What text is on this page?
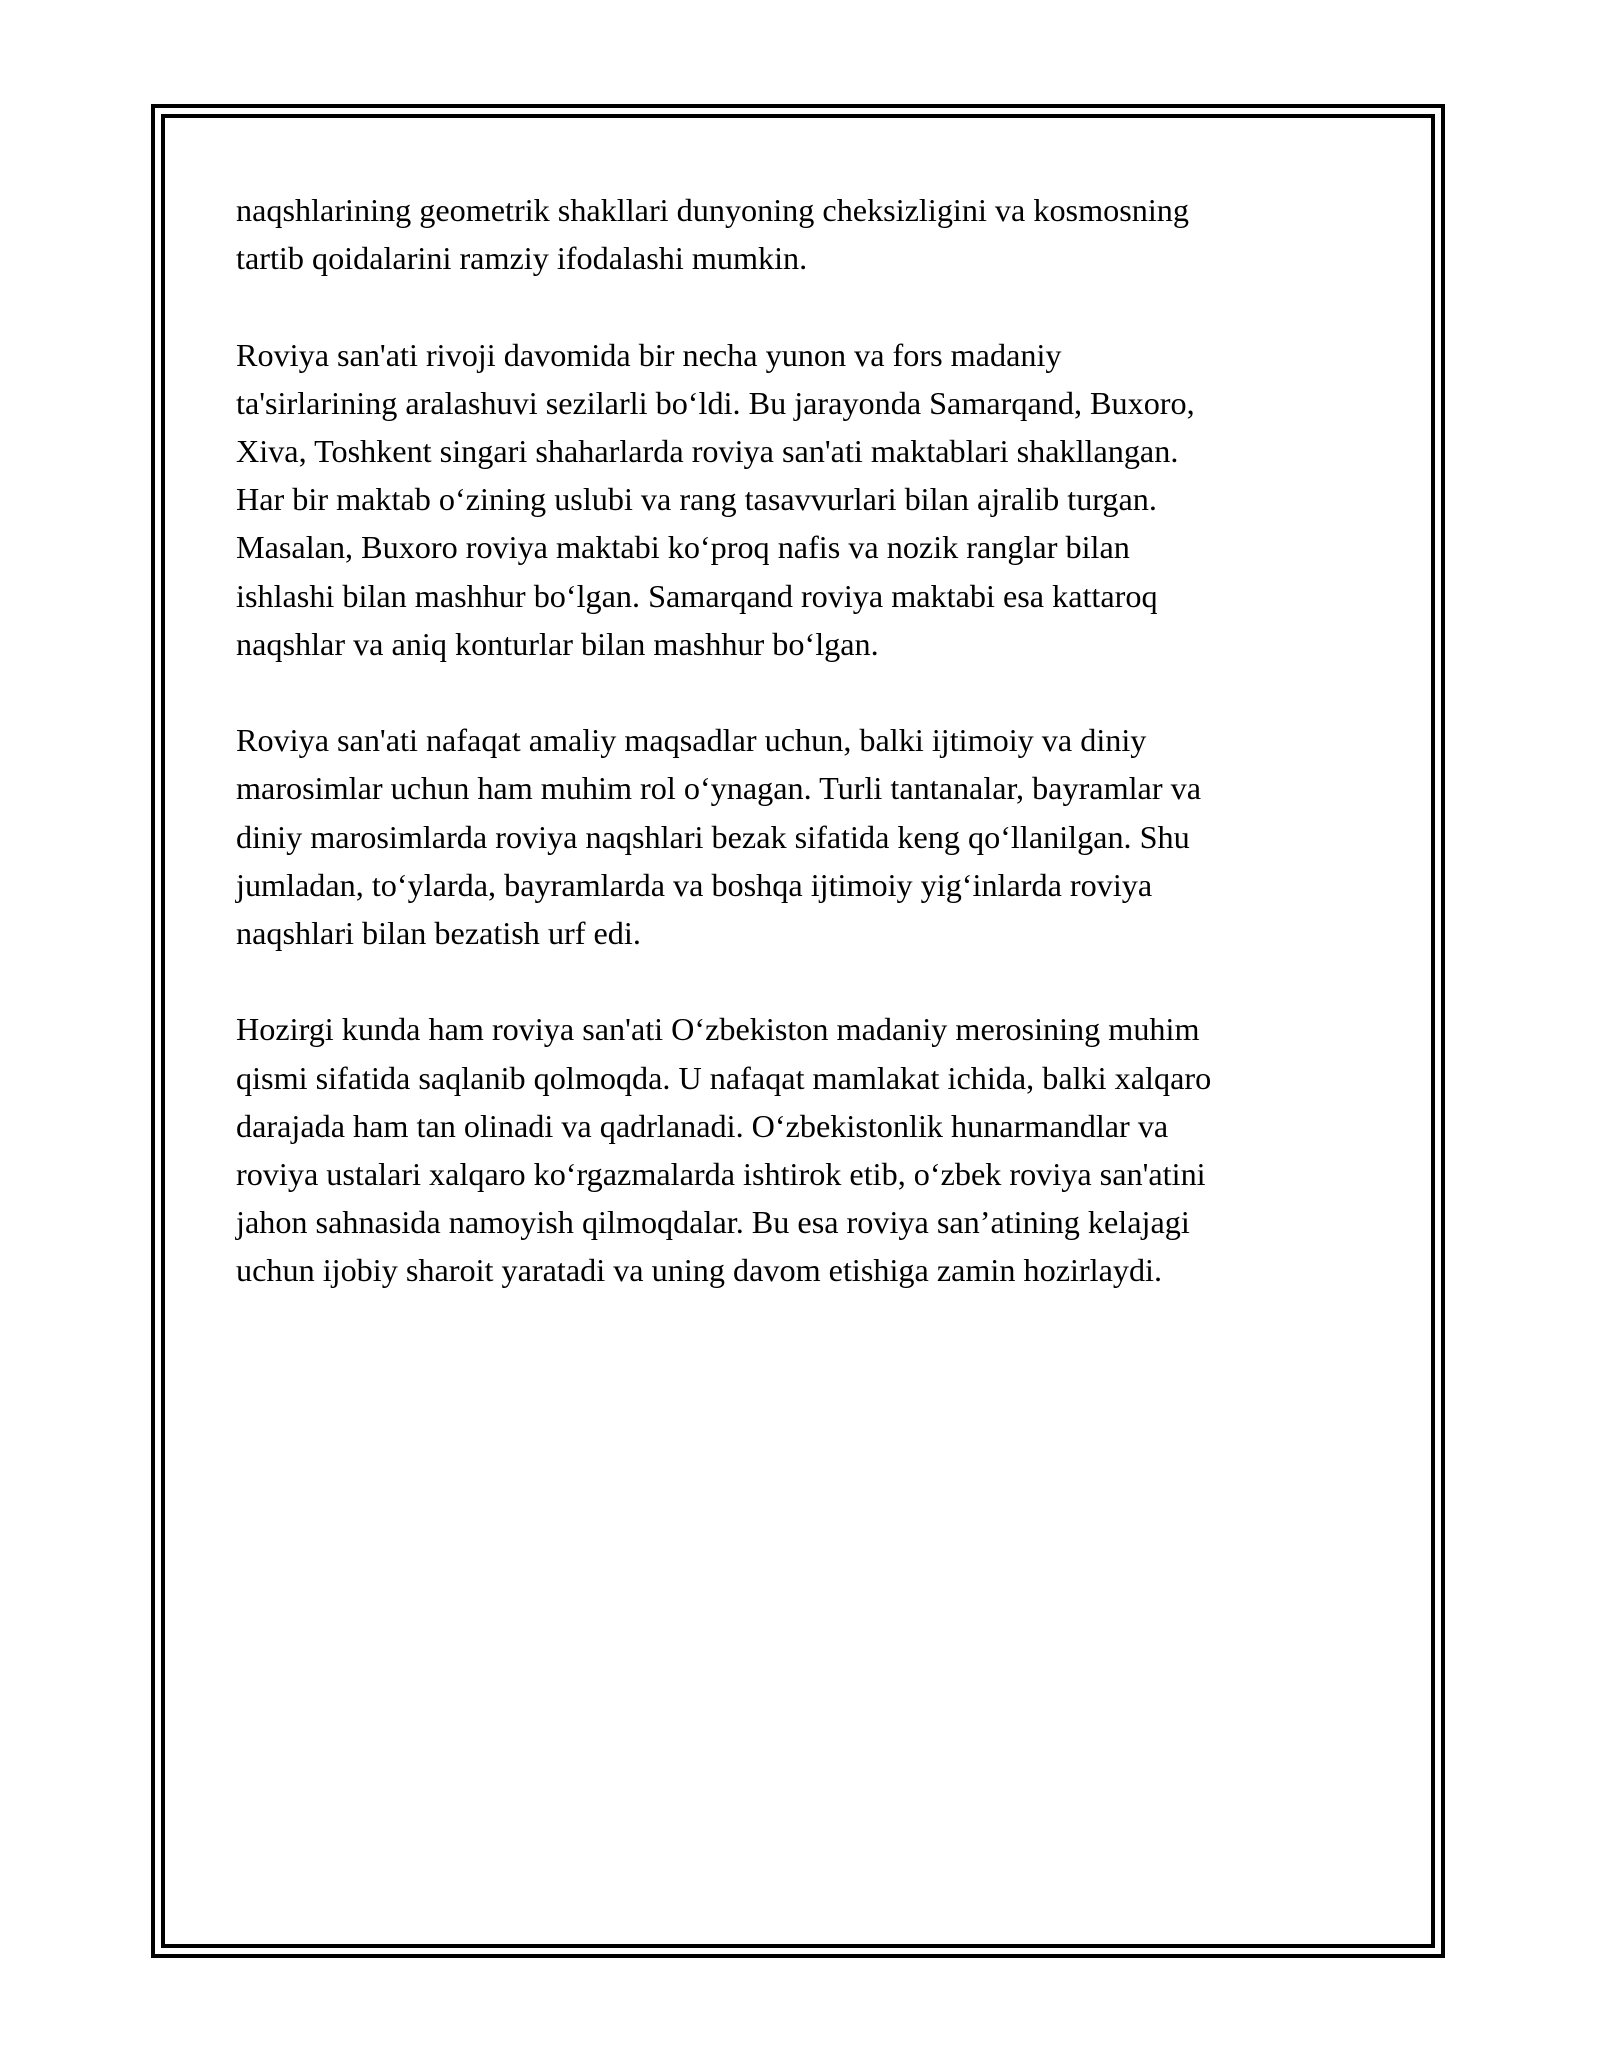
naqshlarining geometrik shakllari dunyoning cheksizligini va kosmosning
tartib qoidalarini ramziy ifodalashi mumkin.

Roviya san'ati rivoji davomida bir necha yunon va fors madaniy
ta'sirlarining aralashuvi sezilarli bo‘ldi. Bu jarayonda Samarqand, Buxoro,
Xiva, Toshkent singari shaharlarda roviya san'ati maktablari shakllangan.
Har bir maktab o‘zining uslubi va rang tasavvurlari bilan ajralib turgan.
Masalan, Buxoro roviya maktabi ko‘proq nafis va nozik ranglar bilan
ishlashi bilan mashhur bo‘lgan. Samarqand roviya maktabi esa kattaroq
naqshlar va aniq konturlar bilan mashhur bo‘lgan.

Roviya san'ati nafaqat amaliy maqsadlar uchun, balki ijtimoiy va diniy
marosimlar uchun ham muhim rol o‘ynagan. Turli tantanalar, bayramlar va
diniy marosimlarda roviya naqshlari bezak sifatida keng qo‘llanilgan. Shu
jumladan, to‘ylarda, bayramlarda va boshqa ijtimoiy yig‘inlarda roviya
naqshlari bilan bezatish urf edi.

Hozirgi kunda ham roviya san'ati O‘zbekiston madaniy merosining muhim
qismi sifatida saqlanib qolmoqda. U nafaqat mamlakat ichida, balki xalqaro
darajada ham tan olinadi va qadrlanadi. O‘zbekistonlik hunarmandlar va
roviya ustalari xalqaro ko‘rgazmalarda ishtirok etib, o‘zbek roviya san'atini
jahon sahnasida namoyish qilmoqdalar. Bu esa roviya san’atining kelajagi
uchun ijobiy sharoit yaratadi va uning davom etishiga zamin hozirlaydi.
